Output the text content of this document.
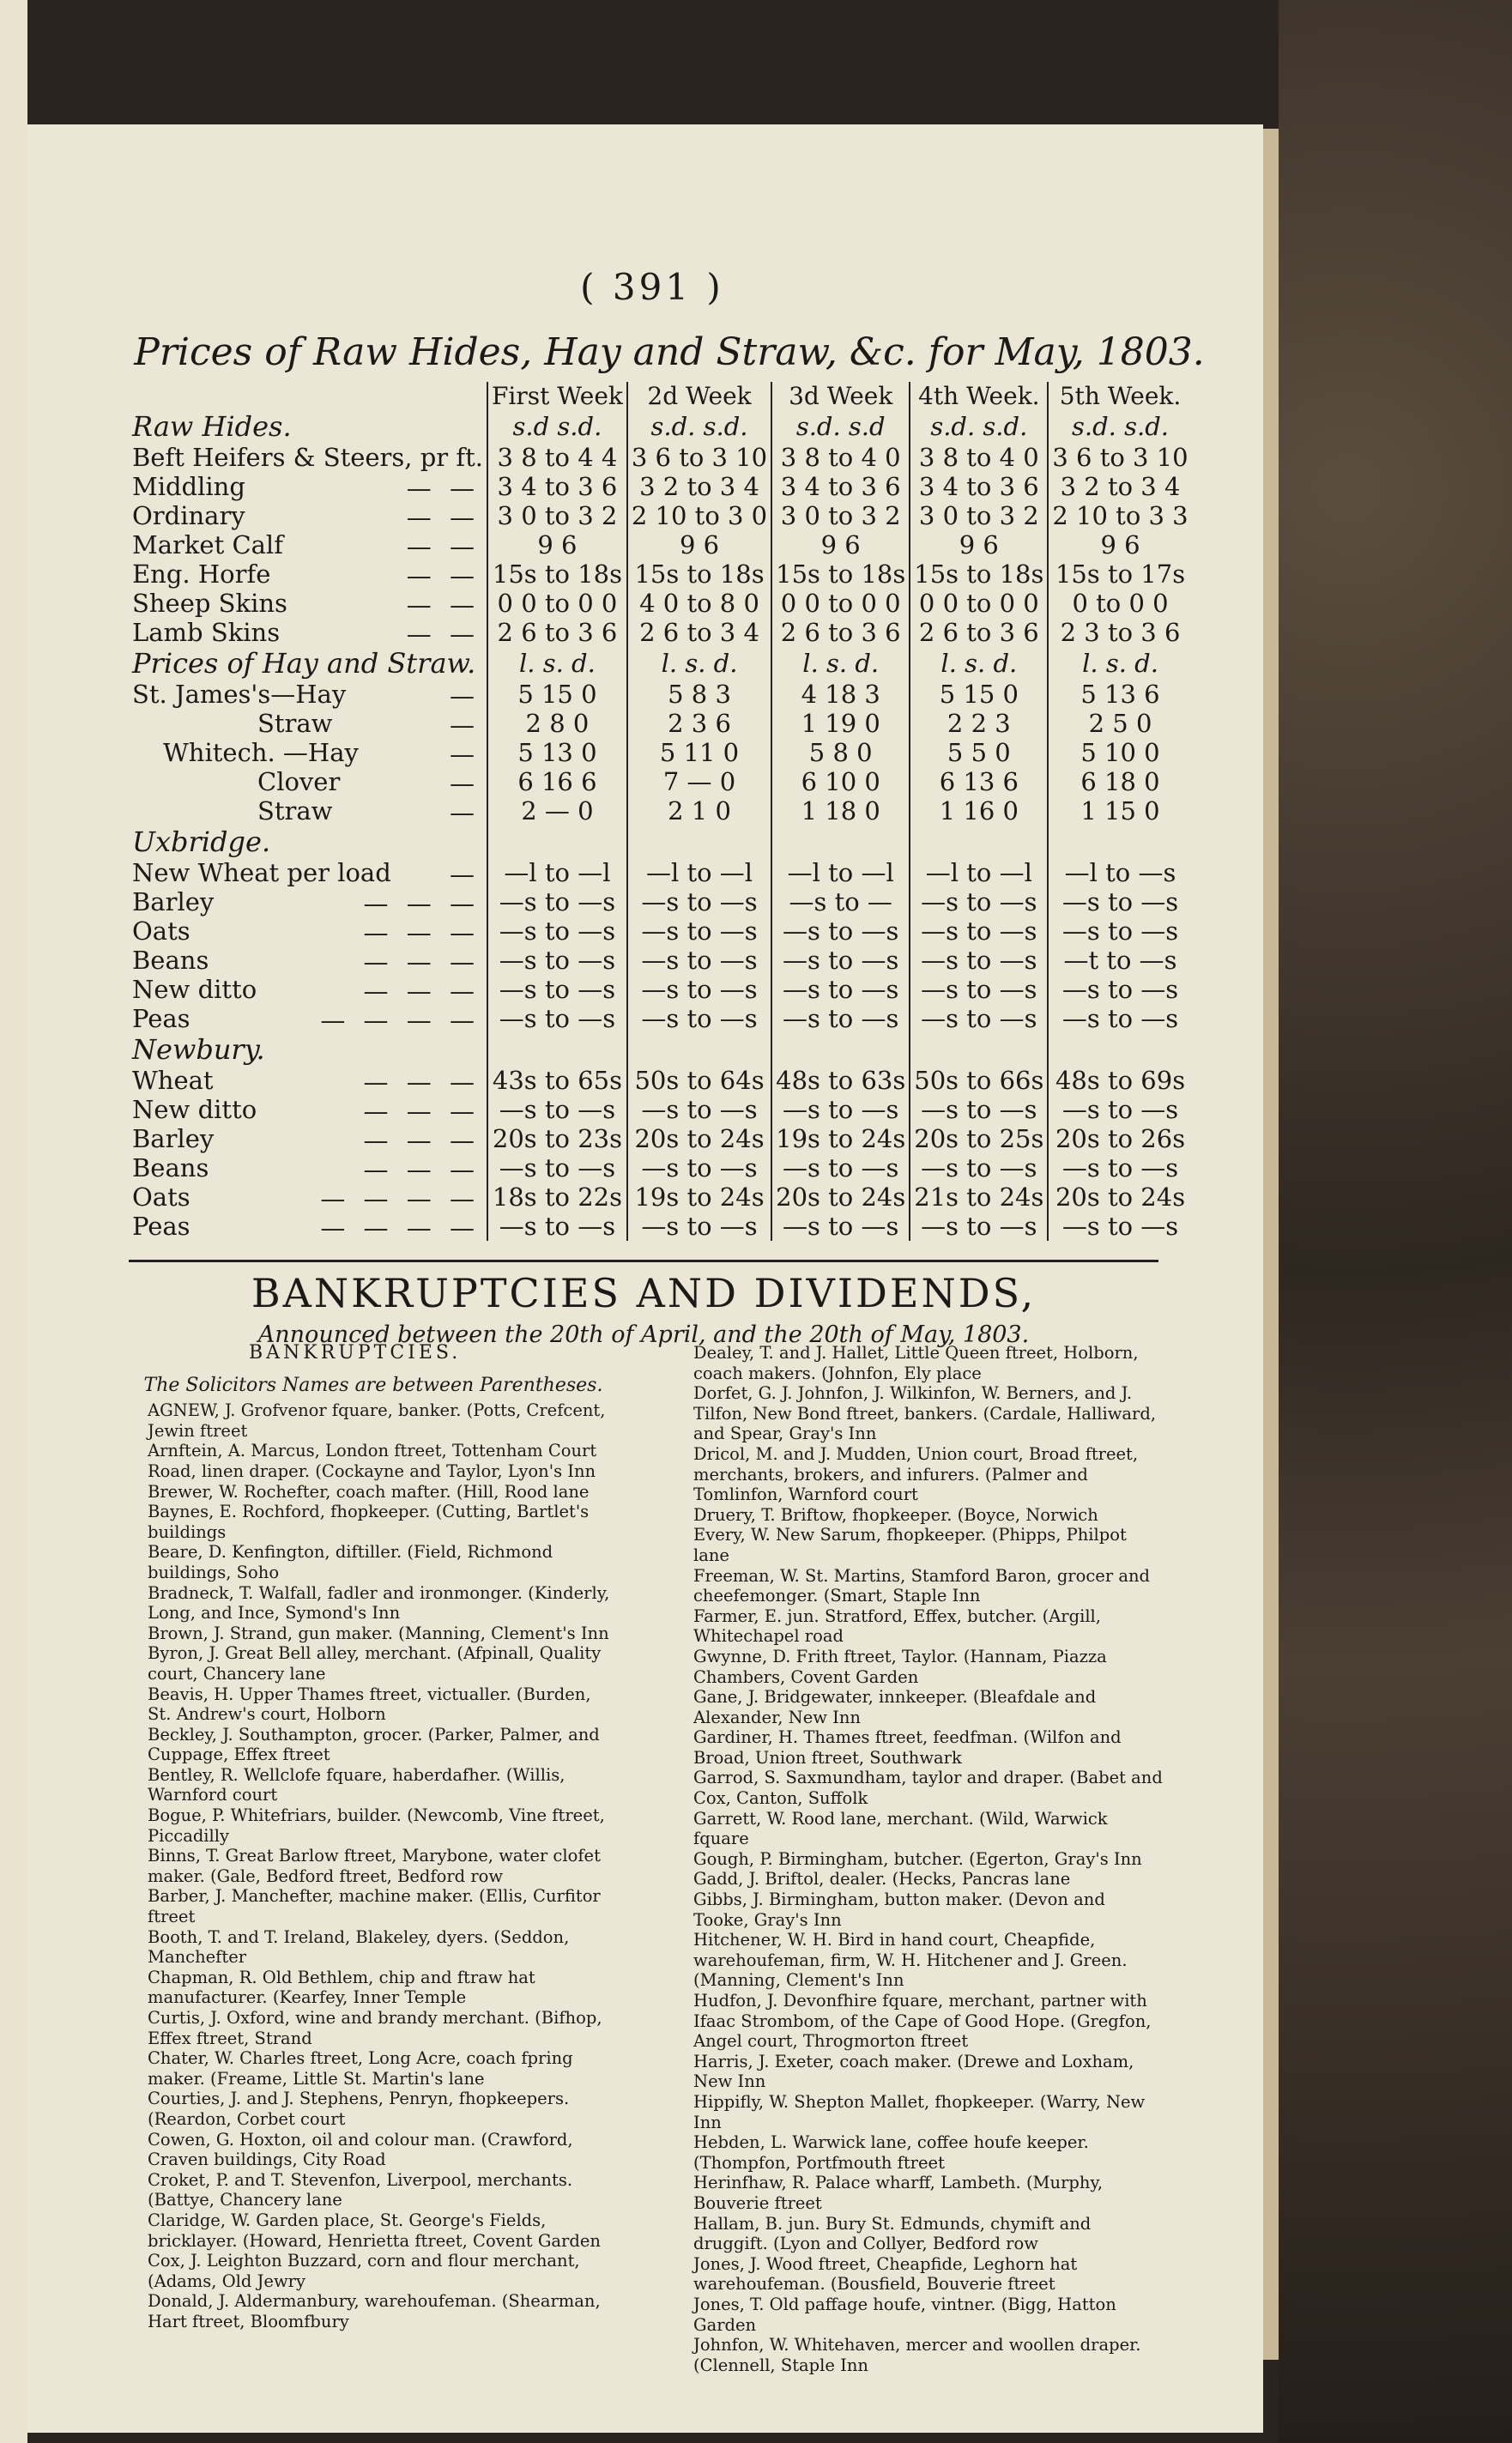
( 391 )
Prices of Raw Hides, Hay and Straw, &c. for May, 1803.
	First Week	2d Week	3d Week	4th Week.	5th Week.
Raw Hides.	s.d s.d.	s.d. s.d.	s.d. s.d	s.d. s.d.	s.d. s.d.
Beft Heifers & Steers, pr ft.	3 8 to 4 4	3 6 to 3 10	3 8 to 4 0	3 8 to 4 0	3 6 to 3 10
Middling — —	3 4 to 3 6	3 2 to 3 4	3 4 to 3 6	3 4 to 3 6	3 2 to 3 4
Ordinary — —	3 0 to 3 2	2 10 to 3 0	3 0 to 3 2	3 0 to 3 2	2 10 to 3 3
Market Calf — —	9 6	9 6	9 6	9 6	9 6
Eng. Horfe — —	15s to 18s	15s to 18s	15s to 18s	15s to 18s	15s to 17s
Sheep Skins — —	0 0 to 0 0	4 0 to 8 0	0 0 to 0 0	0 0 to 0 0	0 to 0 0
Lamb Skins — —	2 6 to 3 6	2 6 to 3 4	2 6 to 3 6	2 6 to 3 6	2 3 to 3 6
Prices of Hay and Straw.	l. s. d.	l. s. d.	l. s. d.	l. s. d.	l. s. d.
St. James's—Hay —	5 15 0	5 8 3	4 18 3	5 15 0	5 13 6
Straw —	2 8 0	2 3 6	1 19 0	2 2 3	2 5 0
Whitech. —Hay —	5 13 0	5 11 0	5 8 0	5 5 0	5 10 0
Clover —	6 16 6	7 — 0	6 10 0	6 13 6	6 18 0
Straw —	2 — 0	2 1 0	1 18 0	1 16 0	1 15 0
Uxbridge.					
New Wheat per load —	—l to —l	—l to —l	—l to —l	—l to —l	—l to —s
Barley — — —	—s to —s	—s to —s	—s to —	—s to —s	—s to —s
Oats — — —	—s to —s	—s to —s	—s to —s	—s to —s	—s to —s
Beans — — —	—s to —s	—s to —s	—s to —s	—s to —s	—t to —s
New ditto — — —	—s to —s	—s to —s	—s to —s	—s to —s	—s to —s
Peas — — — —	—s to —s	—s to —s	—s to —s	—s to —s	—s to —s
Newbury.					
Wheat — — —	43s to 65s	50s to 64s	48s to 63s	50s to 66s	48s to 69s
New ditto — — —	—s to —s	—s to —s	—s to —s	—s to —s	—s to —s
Barley — — —	20s to 23s	20s to 24s	19s to 24s	20s to 25s	20s to 26s
Beans — — —	—s to —s	—s to —s	—s to —s	—s to —s	—s to —s
Oats — — — —	18s to 22s	19s to 24s	20s to 24s	21s to 24s	20s to 24s
Peas — — — —	—s to —s	—s to —s	—s to —s	—s to —s	—s to —s
BANKRUPTCIES AND DIVIDENDS,
Announced between the 20th of April, and the 20th of May, 1803.

BANKRUPTCIES.

The Solicitors Names are between Parentheses.

AGNEW, J. Grofvenor fquare, banker. (Potts, Crefcent, Jewin ftreet

Arnftein, A. Marcus, London ftreet, Tottenham Court Road, linen draper. (Cockayne and Taylor, Lyon's Inn

Brewer, W. Rochefter, coach mafter. (Hill, Rood lane

Baynes, E. Rochford, fhopkeeper. (Cutting, Bartlet's buildings

Beare, D. Kenfington, diftiller. (Field, Richmond buildings, Soho

Bradneck, T. Walfall, fadler and ironmonger. (Kinderly, Long, and Ince, Symond's Inn

Brown, J. Strand, gun maker. (Manning, Clement's Inn

Byron, J. Great Bell alley, merchant. (Afpinall, Quality court, Chancery lane

Beavis, H. Upper Thames ftreet, victualler. (Burden, St. Andrew's court, Holborn

Beckley, J. Southampton, grocer. (Parker, Palmer, and Cuppage, Effex ftreet

Bentley, R. Wellclofe fquare, haberdafher. (Willis, Warnford court

Bogue, P. Whitefriars, builder. (Newcomb, Vine ftreet, Piccadilly

Binns, T. Great Barlow ftreet, Marybone, water clofet maker. (Gale, Bedford ftreet, Bedford row

Barber, J. Manchefter, machine maker. (Ellis, Curfitor ftreet

Booth, T. and T. Ireland, Blakeley, dyers. (Seddon, Manchefter

Chapman, R. Old Bethlem, chip and ftraw hat manufacturer. (Kearfey, Inner Temple

Curtis, J. Oxford, wine and brandy merchant. (Bifhop, Effex ftreet, Strand

Chater, W. Charles ftreet, Long Acre, coach fpring maker. (Freame, Little St. Martin's lane

Courties, J. and J. Stephens, Penryn, fhopkeepers. (Reardon, Corbet court

Cowen, G. Hoxton, oil and colour man. (Crawford, Craven buildings, City Road

Croket, P. and T. Stevenfon, Liverpool, merchants. (Battye, Chancery lane

Claridge, W. Garden place, St. George's Fields, bricklayer. (Howard, Henrietta ftreet, Covent Garden

Cox, J. Leighton Buzzard, corn and flour merchant, (Adams, Old Jewry

Donald, J. Aldermanbury, warehoufeman. (Shearman, Hart ftreet, Bloomfbury

Dealey, T. and J. Hallet, Little Queen ftreet, Holborn, coach makers. (Johnfon, Ely place

Dorfet, G. J. Johnfon, J. Wilkinfon, W. Berners, and J. Tilfon, New Bond ftreet, bankers. (Cardale, Halliward, and Spear, Gray's Inn

Dricol, M. and J. Mudden, Union court, Broad ftreet, merchants, brokers, and infurers. (Palmer and Tomlinfon, Warnford court

Druery, T. Briftow, fhopkeeper. (Boyce, Norwich

Every, W. New Sarum, fhopkeeper. (Phipps, Philpot lane

Freeman, W. St. Martins, Stamford Baron, grocer and cheefemonger. (Smart, Staple Inn

Farmer, E. jun. Stratford, Effex, butcher. (Argill, Whitechapel road

Gwynne, D. Frith ftreet, Taylor. (Hannam, Piazza Chambers, Covent Garden

Gane, J. Bridgewater, innkeeper. (Bleafdale and Alexander, New Inn

Gardiner, H. Thames ftreet, feedfman. (Wilfon and Broad, Union ftreet, Southwark

Garrod, S. Saxmundham, taylor and draper. (Babet and Cox, Canton, Suffolk

Garrett, W. Rood lane, merchant. (Wild, Warwick fquare

Gough, P. Birmingham, butcher. (Egerton, Gray's Inn

Gadd, J. Briftol, dealer. (Hecks, Pancras lane

Gibbs, J. Birmingham, button maker. (Devon and Tooke, Gray's Inn

Hitchener, W. H. Bird in hand court, Cheapfide, warehoufeman, firm, W. H. Hitchener and J. Green. (Manning, Clement's Inn

Hudfon, J. Devonfhire fquare, merchant, partner with Ifaac Strombom, of the Cape of Good Hope. (Gregfon, Angel court, Throgmorton ftreet

Harris, J. Exeter, coach maker. (Drewe and Loxham, New Inn

Hippifly, W. Shepton Mallet, fhopkeeper. (Warry, New Inn

Hebden, L. Warwick lane, coffee houfe keeper. (Thompfon, Portfmouth ftreet

Herinfhaw, R. Palace wharff, Lambeth. (Murphy, Bouverie ftreet

Hallam, B. jun. Bury St. Edmunds, chymift and druggift. (Lyon and Collyer, Bedford row

Jones, J. Wood ftreet, Cheapfide, Leghorn hat warehoufeman. (Bousfield, Bouverie ftreet

Jones, T. Old paffage houfe, vintner. (Bigg, Hatton Garden

Johnfon, W. Whitehaven, mercer and woollen draper. (Clennell, Staple Inn
